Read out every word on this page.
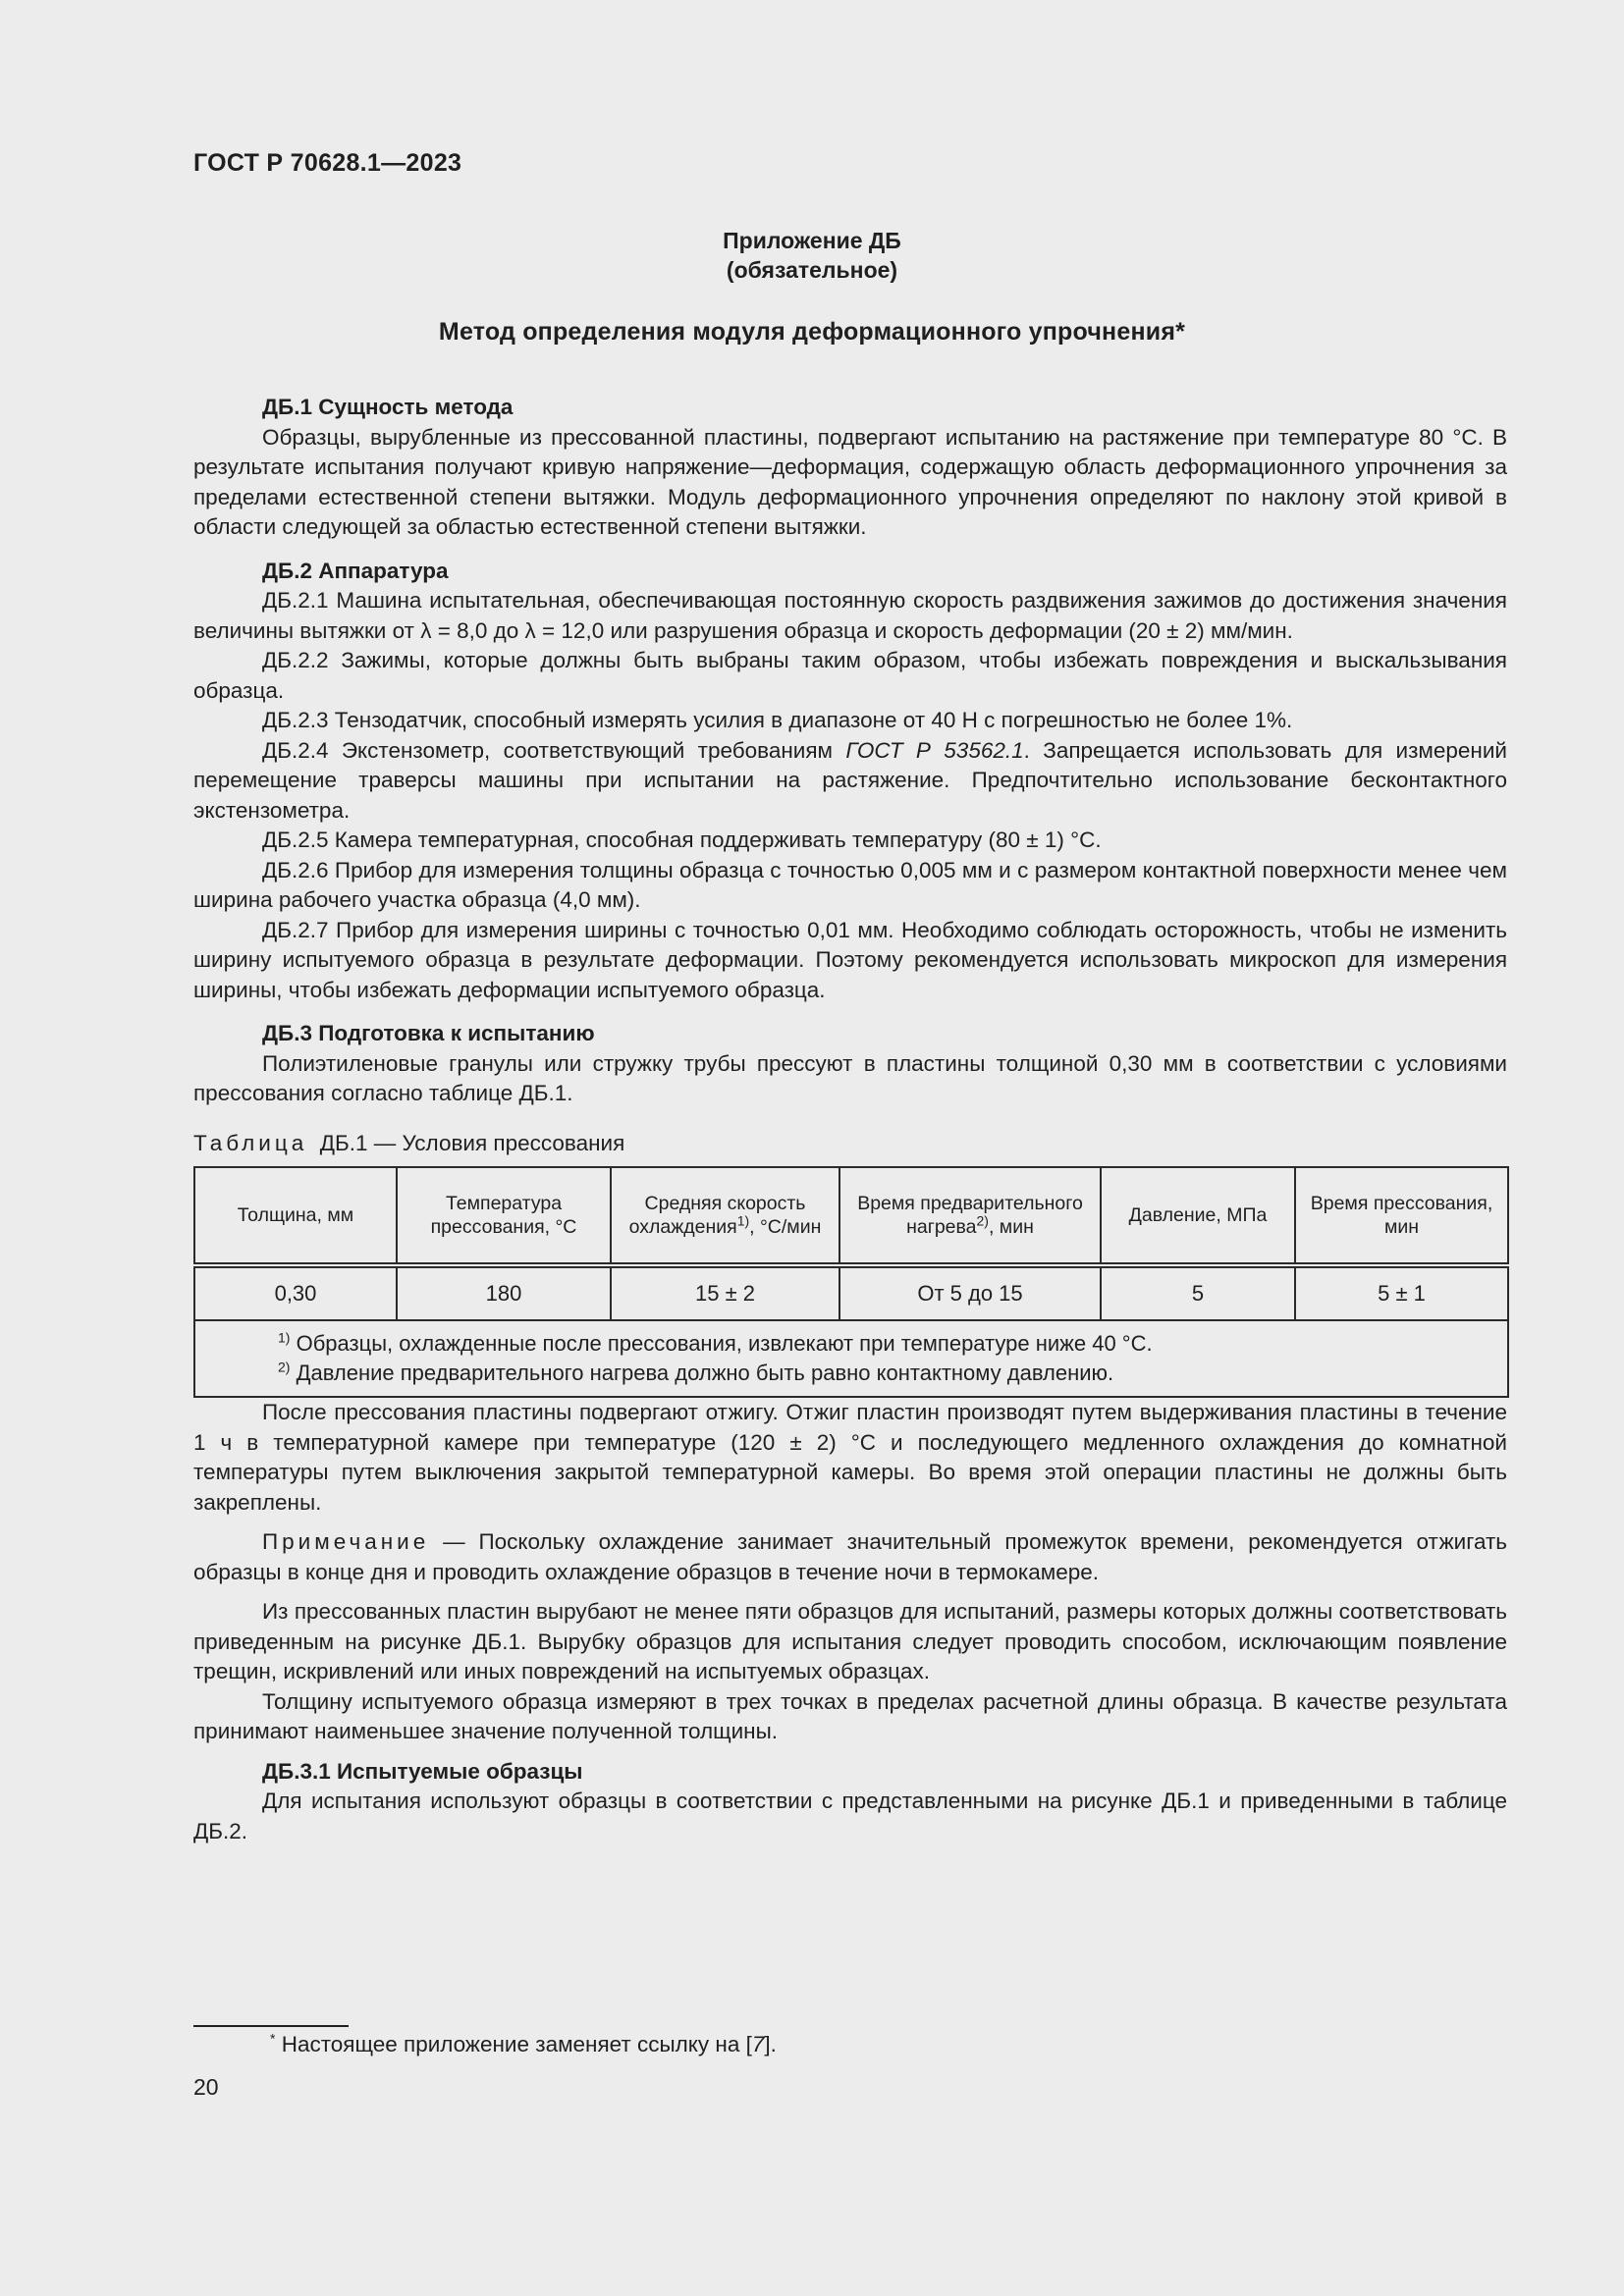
ГОСТ Р 70628.1—2023
Приложение ДБ
(обязательное)
Метод определения модуля деформационного упрочнения*
ДБ.1 Сущность метода

Образцы, вырубленные из прессованной пластины, подвергают испытанию на растяжение при температуре 80 °С. В результате испытания получают кривую напряжение—деформация, содержащую область деформационного упрочнения за пределами естественной степени вытяжки. Модуль деформационного упрочнения определяют по наклону этой кривой в области следующей за областью естественной степени вытяжки.

ДБ.2 Аппаратура

ДБ.2.1 Машина испытательная, обеспечивающая постоянную скорость раздвижения зажимов до достижения значения величины вытяжки от λ = 8,0 до λ = 12,0 или разрушения образца и скорость деформации (20 ± 2) мм/мин.

ДБ.2.2 Зажимы, которые должны быть выбраны таким образом, чтобы избежать повреждения и выскальзывания образца.

ДБ.2.3 Тензодатчик, способный измерять усилия в диапазоне от 40 Н с погрешностью не более 1%.

ДБ.2.4 Экстензометр, соответствующий требованиям ГОСТ Р 53562.1. Запрещается использовать для измерений перемещение траверсы машины при испытании на растяжение. Предпочтительно использование бесконтактного экстензометра.

ДБ.2.5 Камера температурная, способная поддерживать температуру (80 ± 1) °С.

ДБ.2.6 Прибор для измерения толщины образца с точностью 0,005 мм и с размером контактной поверхности менее чем ширина рабочего участка образца (4,0 мм).

ДБ.2.7 Прибор для измерения ширины с точностью 0,01 мм. Необходимо соблюдать осторожность, чтобы не изменить ширину испытуемого образца в результате деформации. Поэтому рекомендуется использовать микроскоп для измерения ширины, чтобы избежать деформации испытуемого образца.

ДБ.3 Подготовка к испытанию

Полиэтиленовые гранулы или стружку трубы прессуют в пластины толщиной 0,30 мм в соответствии с условиями прессования согласно таблице ДБ.1.

Таблица ДБ.1 — Условия прессования
Толщина, мм	Температура прессования, °С	Средняя скорость охлаждения$^{1)}$, °С/мин	Время предварительного нагрева$^{2)}$, мин	Давление, МПа	Время прессования, мин
0,30	180	15 ± 2	От 5 до 15	5	5 ± 1

$^{1)}$ Образцы, охлажденные после прессования, извлекают при температуре ниже 40 °С.
$^{2)}$ Давление предварительного нагрева должно быть равно контактному давлению.					

После прессования пластины подвергают отжигу. Отжиг пластин производят путем выдерживания пластины в течение 1 ч в температурной камере при температуре (120 ± 2) °С и последующего медленного охлаждения до комнатной температуры путем выключения закрытой температурной камеры. Во время этой операции пластины не должны быть закреплены.

Примечание — Поскольку охлаждение занимает значительный промежуток времени, рекомендуется отжигать образцы в конце дня и проводить охлаждение образцов в течение ночи в термокамере.

Из прессованных пластин вырубают не менее пяти образцов для испытаний, размеры которых должны соответствовать приведенным на рисунке ДБ.1. Вырубку образцов для испытания следует проводить способом, исключающим появление трещин, искривлений или иных повреждений на испытуемых образцах.

Толщину испытуемого образца измеряют в трех точках в пределах расчетной длины образца. В качестве результата принимают наименьшее значение полученной толщины.

ДБ.3.1 Испытуемые образцы

Для испытания используют образцы в соответствии с представленными на рисунке ДБ.1 и приведенными в таблице ДБ.2.

* Настоящее приложение заменяет ссылку на [7].
20
